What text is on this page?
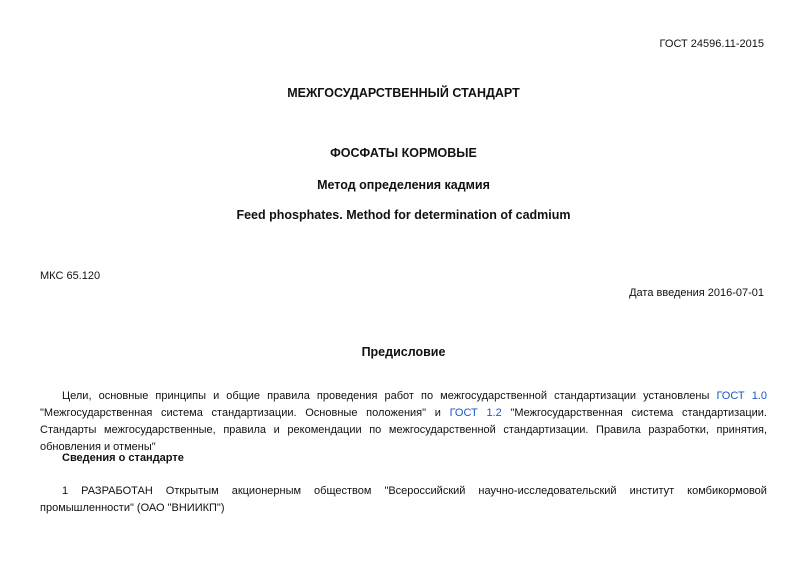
ГОСТ 24596.11-2015
МЕЖГОСУДАРСТВЕННЫЙ СТАНДАРТ
ФОСФАТЫ КОРМОВЫЕ
Метод определения кадмия
Feed phosphates. Method for determination of cadmium
МКС 65.120
Дата введения 2016-07-01
Предисловие
Цели, основные принципы и общие правила проведения работ по межгосударственной стандартизации установлены ГОСТ 1.0 "Межгосударственная система стандартизации. Основные положения" и ГОСТ 1.2 "Межгосударственная система стандартизации. Стандарты межгосударственные, правила и рекомендации по межгосударственной стандартизации. Правила разработки, принятия, обновления и отмены"
Сведения о стандарте
1 РАЗРАБОТАН Открытым акционерным обществом "Всероссийский научно-исследовательский институт комбикормовой
промышленности" (ОАО "ВНИИКП")
